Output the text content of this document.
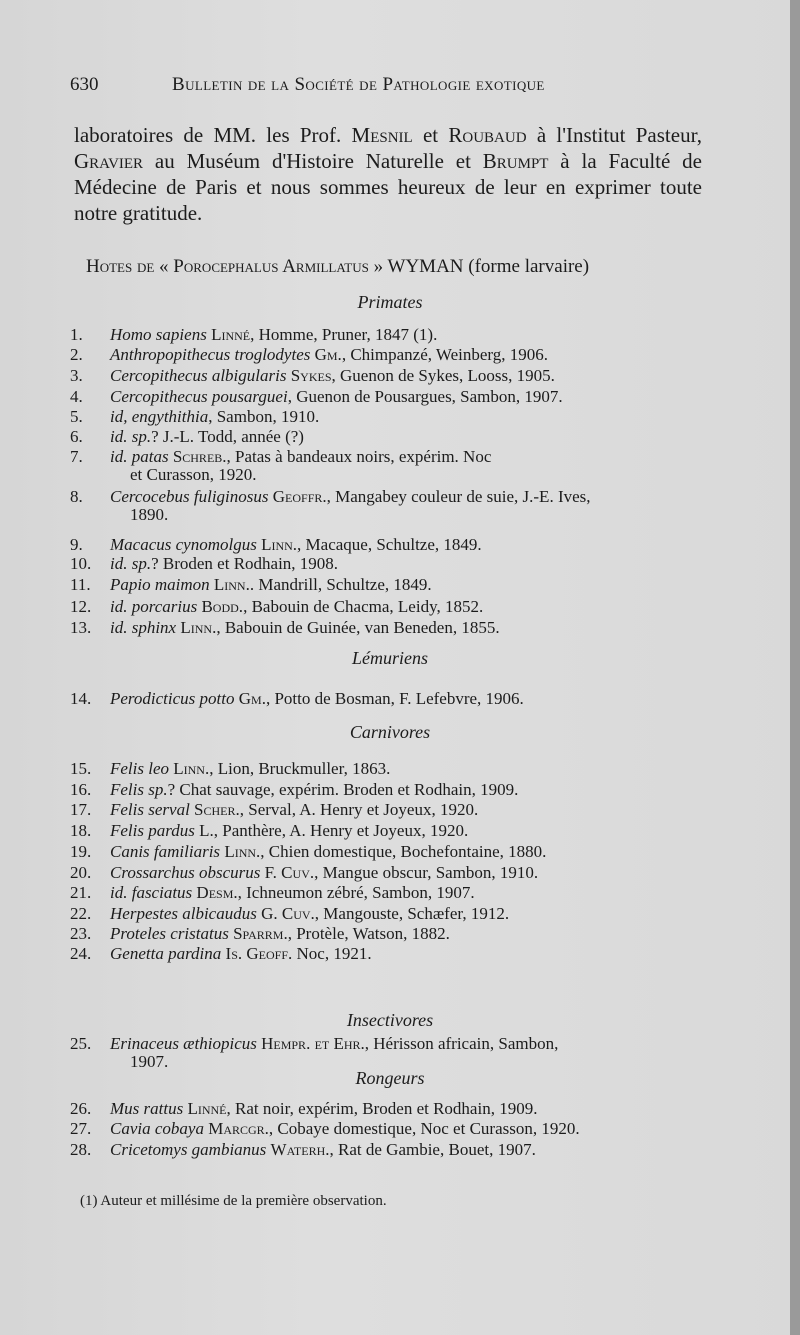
630	Bulletin de la Société de Pathologie exotique
laboratoires de MM. les Prof. Mesnil et Roubaud à l'Institut Pasteur, Gravier au Muséum d'Histoire Naturelle et Brumpt à la Faculté de Médecine de Paris et nous sommes heureux de leur en exprimer toute notre gratitude.
Hotes de « Porocephalus Armillatus » WYMAN (forme larvaire)
Primates
Lémuriens
Carnivores
Insectivores
Rongeurs
1. Homo sapiens Linné, Homme, Pruner, 1847 (1).
2. Anthropopithecus troglodytes Gm., Chimpanzé, Weinberg, 1906.
3. Cercopithecus albigularis Sykes, Guenon de Sykes, Looss, 1905.
4. Cercopithecus pousarguei, Guenon de Pousargues, Sambon, 1907.
5. id, engythithia, Sambon, 1910.
6. id. sp.? J.-L. Todd, année (?)
7. id. patas Schreb., Patas à bandeaux noirs, expérim. Noc
et Curasson, 1920.
8. Cercocebus fuliginosus Geoffr., Mangabey couleur de suie, J.-E. Ives,
1890.
9. Macacus cynomolgus Linn., Macaque, Schultze, 1849.
10. id. sp.? Broden et Rodhain, 1908.
11. Papio maimon Linn.. Mandrill, Schultze, 1849.
12. id. porcarius Bodd., Babouin de Chacma, Leidy, 1852.
13. id. sphinx Linn., Babouin de Guinée, van Beneden, 1855.
14. Perodicticus potto Gm., Potto de Bosman, F. Lefebvre, 1906.
15. Felis leo Linn., Lion, Bruckmuller, 1863.
16. Felis sp.? Chat sauvage, expérim. Broden et Rodhain, 1909.
17. Felis serval Scher., Serval, A. Henry et Joyeux, 1920.
18. Felis pardus L., Panthère, A. Henry et Joyeux, 1920.
19. Canis familiaris Linn., Chien domestique, Bochefontaine, 1880.
20. Crossarchus obscurus F. Cuv., Mangue obscur, Sambon, 1910.
21. id. fasciatus Desm., Ichneumon zébré, Sambon, 1907.
22. Herpestes albicaudus G. Cuv., Mangouste, Schæfer, 1912.
23. Proteles cristatus Sparrm., Protèle, Watson, 1882.
24. Genetta pardina Is. Geoff. Noc, 1921.
25. Erinaceus æthiopicus Hempr. et Ehr., Hérisson africain, Sambon,
1907.
26. Mus rattus Linné, Rat noir, expérim, Broden et Rodhain, 1909.
27. Cavia cobaya Marcgr., Cobaye domestique, Noc et Curasson, 1920.
28. Cricetomys gambianus Waterh., Rat de Gambie, Bouet, 1907.
(1) Auteur et millésime de la première observation.
